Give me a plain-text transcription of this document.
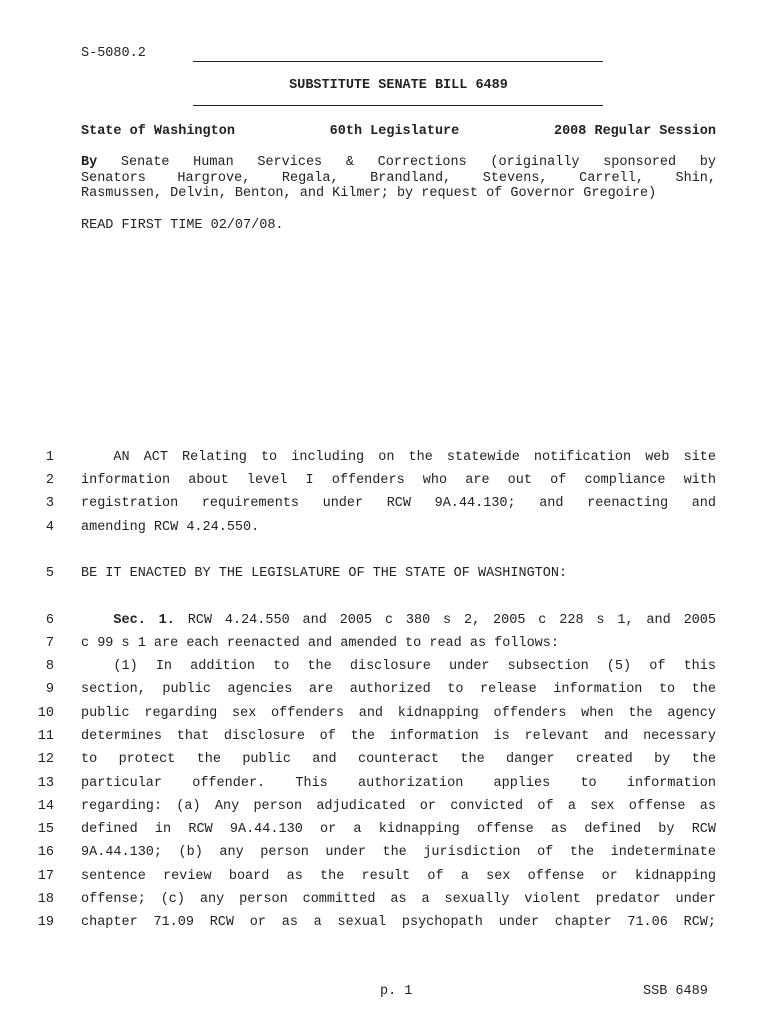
S-5080.2
SUBSTITUTE SENATE BILL 6489
State of Washington	60th Legislature	2008 Regular Session
By Senate Human Services & Corrections (originally sponsored by
Senators Hargrove, Regala, Brandland, Stevens, Carrell, Shin,
Rasmussen, Delvin, Benton, and Kilmer; by request of Governor Gregoire)
READ FIRST TIME 02/07/08.
1	AN ACT Relating to including on the statewide notification web site
2 information about level I offenders who are out of compliance with
3 registration requirements under RCW 9A.44.130; and reenacting and
4 amending RCW 4.24.550.
5 BE IT ENACTED BY THE LEGISLATURE OF THE STATE OF WASHINGTON:
6	Sec. 1. RCW 4.24.550 and 2005 c 380 s 2, 2005 c 228 s 1, and 2005
7 c 99 s 1 are each reenacted and amended to read as follows:
8	(1) In addition to the disclosure under subsection (5) of this
9 section, public agencies are authorized to release information to the
10 public regarding sex offenders and kidnapping offenders when the agency
11 determines that disclosure of the information is relevant and necessary
12 to protect the public and counteract the danger created by the
13 particular offender. This authorization applies to information
14 regarding: (a) Any person adjudicated or convicted of a sex offense as
15 defined in RCW 9A.44.130 or a kidnapping offense as defined by RCW
16 9A.44.130; (b) any person under the jurisdiction of the indeterminate
17 sentence review board as the result of a sex offense or kidnapping
18 offense; (c) any person committed as a sexually violent predator under
19 chapter 71.09 RCW or as a sexual psychopath under chapter 71.06 RCW;
p. 1	SSB 6489
